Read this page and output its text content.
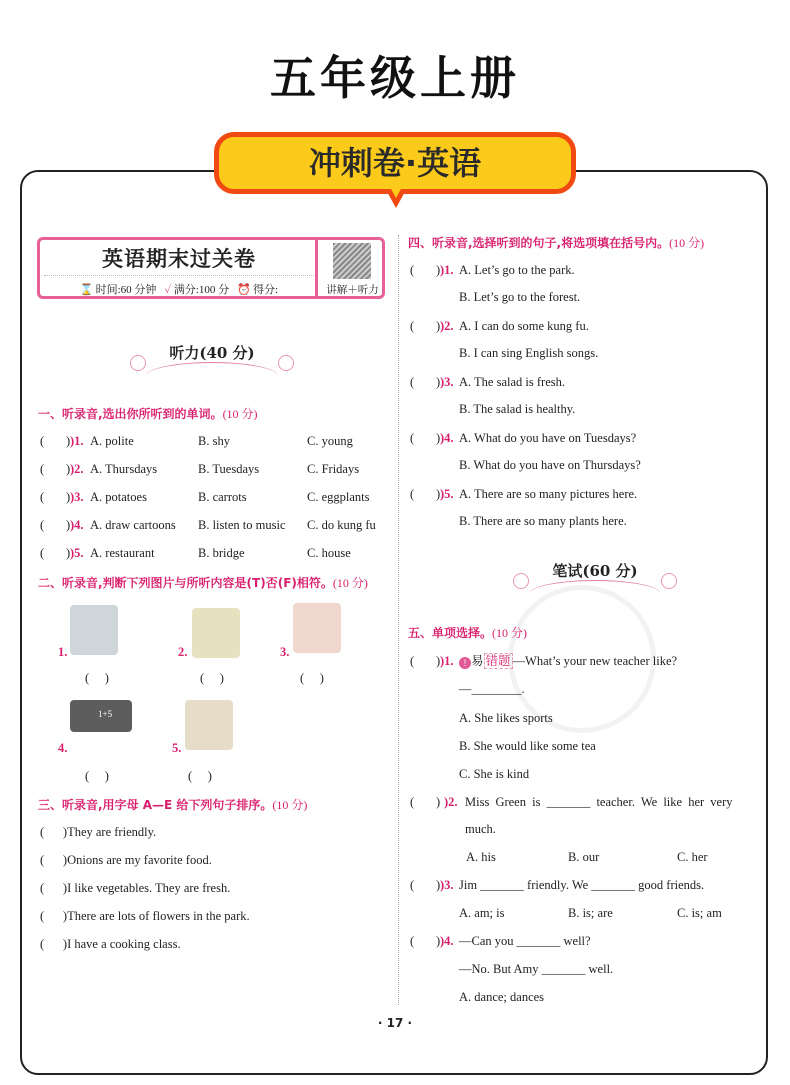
五年级上册
冲刺卷·英语
英语期末过关卷
⌛ 时间:60 分钟 ✓ 满分:100 分 ⏰ 得分:	讲解＋听力
听力(40 分)
笔试(60 分)
一、听录音,选出你所听到的单词。(10 分)
(       ) )1. A. polite	B. shy	C. young
(       ) )2. A. Thursdays	B. Tuesdays	C. Fridays
(       ) )3. A. potatoes	B. carrots	C. eggplants
(       ) )4. A. draw cartoons B. listen to music C. do kung fu
(       ) )5. A. restaurant	B. bridge	C. house
二、听录音,判断下列图片与所听内容是(T)否(F)相符。(10 分)
1.
(     )
2.
(     )
3.
(     )
4.
(     )
5.
(     )
1+5
三、听录音,用字母 A—E 给下列句子排序。(10 分)
(      )They are friendly.
(      )Onions are my favorite food.
(      )I like vegetables. They are fresh.
(      )There are lots of flowers in the park.
(      )I have a cooking class.
四、听录音,选择听到的句子,将选项填在括号内。(10 分)
(       ) )1. A. Let’s go to the park.
B. Let’s go to the forest.
(       ) )2. A. I can do some kung fu.
B. I can sing English songs.
(       ) )3. A. The salad is fresh.
B. The salad is healthy.
(       ) )4. A. What do you have on Tuesdays?
B. What do you have on Thursdays?
(       ) )5. A. There are so many pictures here.
B. There are so many plants here.
五、单项选择。(10 分)
(       ) )1.	! 易 错题 —What’s your new teacher like?
—________.
A. She likes sports
B. She would like some tea
C. She is kind
(       ) )2. Miss Green is _______ teacher. We like her very
much.
A. his	B. our	C. her
(       ) )3. Jim _______ friendly. We _______ good friends.
A. am; is	B. is; are	C. is; am
(       ) )4. —Can you _______ well?
—No. But Amy _______ well.
A. dance; dances
· 17 ·
